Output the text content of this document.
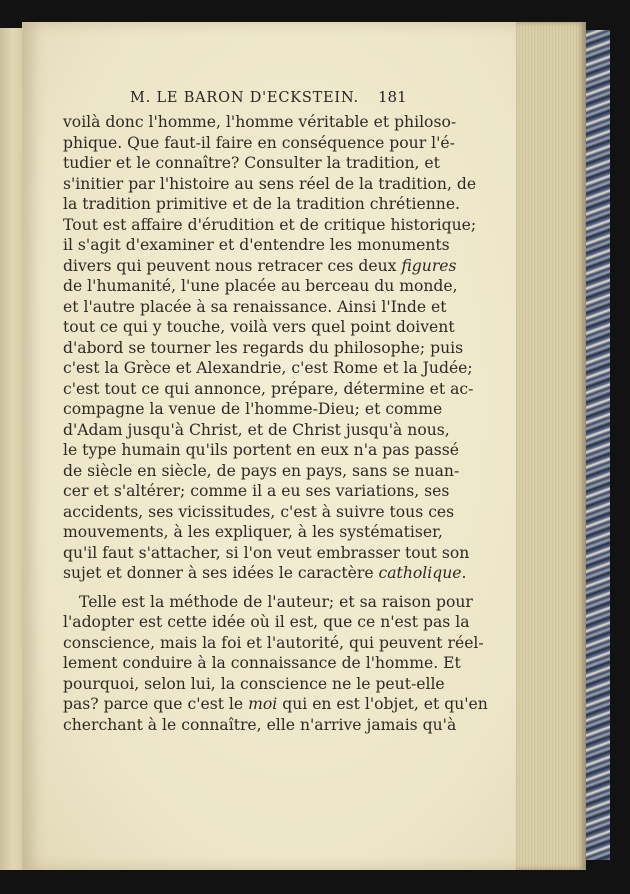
M. LE BARON D'ECKSTEIN.	181
voilà donc l'homme, l'homme véritable et philoso-
phique. Que faut-il faire en conséquence pour l'é-
tudier et le connaître? Consulter la tradition, et
s'initier par l'histoire au sens réel de la tradition, de
la tradition primitive et de la tradition chrétienne.
Tout est affaire d'érudition et de critique historique;
il s'agit d'examiner et d'entendre les monuments
divers qui peuvent nous retracer ces deux figures
de l'humanité, l'une placée au berceau du monde,
et l'autre placée à sa renaissance. Ainsi l'Inde et
tout ce qui y touche, voilà vers quel point doivent
d'abord se tourner les regards du philosophe; puis
c'est la Grèce et Alexandrie, c'est Rome et la Judée;
c'est tout ce qui annonce, prépare, détermine et ac-
compagne la venue de l'homme-Dieu; et comme
d'Adam jusqu'à Christ, et de Christ jusqu'à nous,
le type humain qu'ils portent en eux n'a pas passé
de siècle en siècle, de pays en pays, sans se nuan-
cer et s'altérer; comme il a eu ses variations, ses
accidents, ses vicissitudes, c'est à suivre tous ces
mouvements, à les expliquer, à les systématiser,
qu'il faut s'attacher, si l'on veut embrasser tout son
sujet et donner à ses idées le caractère catholique
Telle est la méthode de l'auteur; et sa raison pour
l'adopter est cette idée où il est, que ce n'est pas la
conscience, mais la foi et l'autorité, qui peuvent réel-
lement conduire à la connaissance de l'homme. Et
pourquoi, selon lui, la conscience ne le peut-elle
pas? parce que c'est le moi qui en est l'objet, et qu'en
cherchant à le connaître, elle n'arrive jamais qu'à
